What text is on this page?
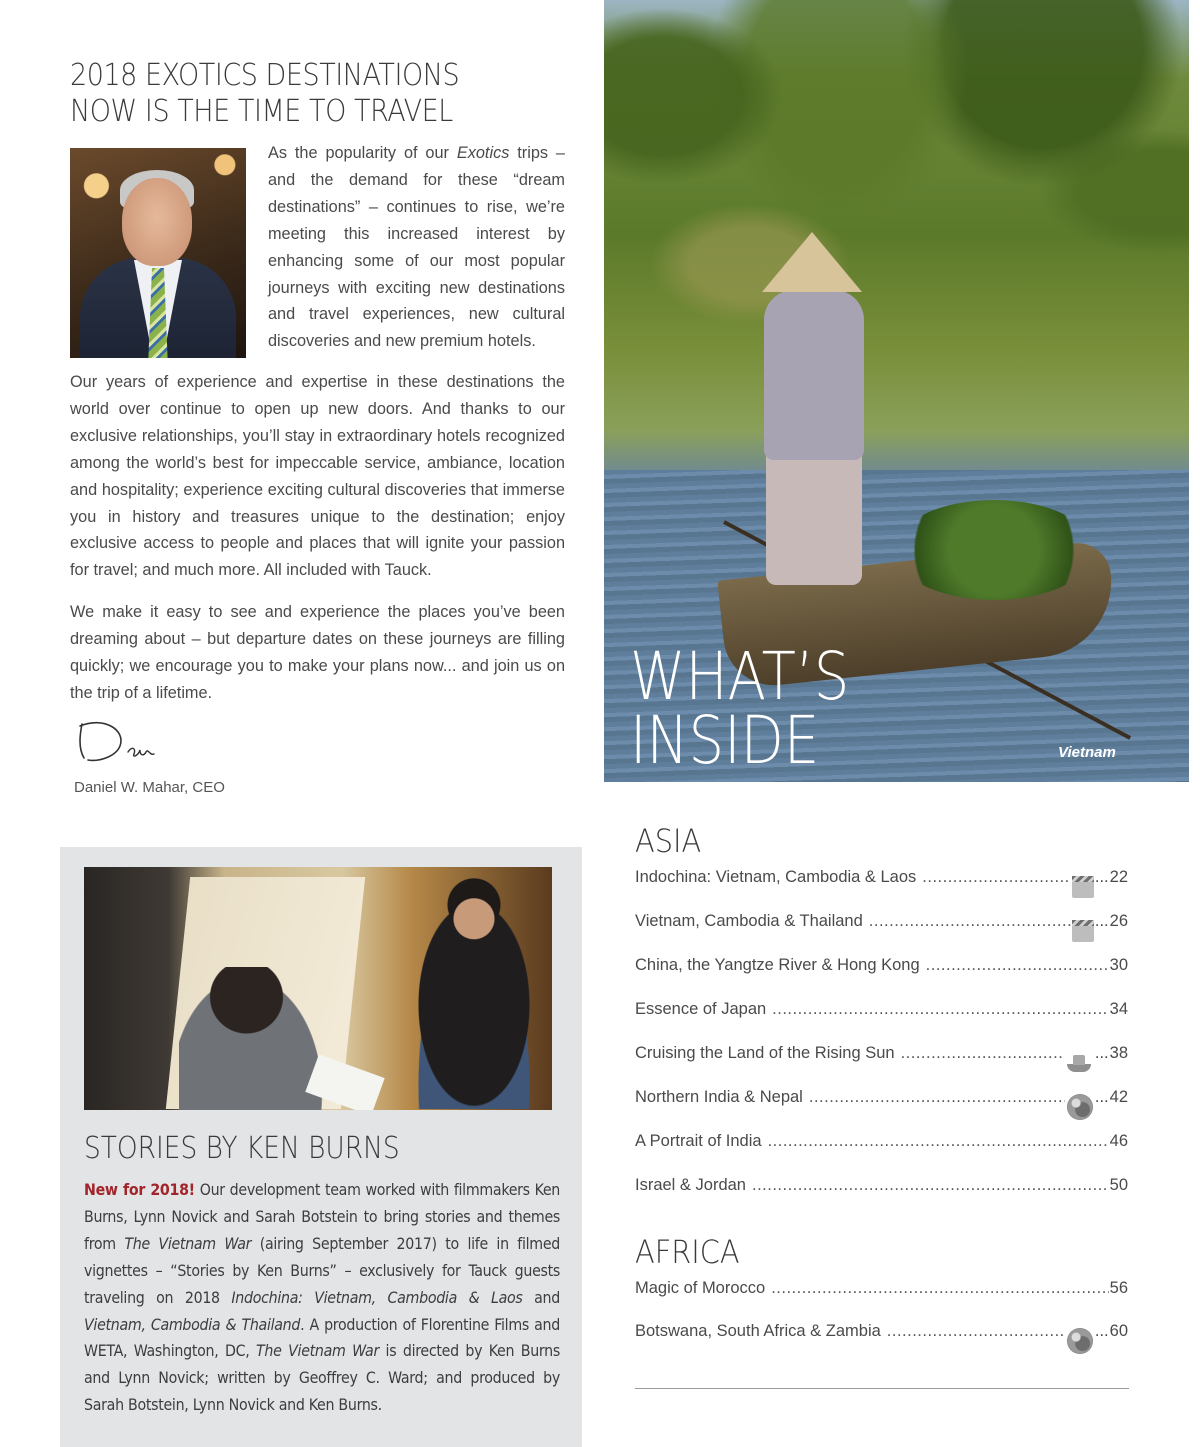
2018 EXOTICS DESTINATIONS
NOW IS THE TIME TO TRAVEL
As the popularity of our Exotics trips – and the demand for these “dream destinations” – continues to rise, we’re meeting this increased interest by enhancing some of our most popular journeys with exciting new destinations and travel experiences, new cultural discoveries and new premium hotels.
Our years of experience and expertise in these destinations the world over continue to open up new doors. And thanks to our exclusive relationships, you’ll stay in extraordinary hotels recognized among the world’s best for impeccable service, ambiance, location and hospitality; experience exciting cultural discoveries that immerse you in history and treasures unique to the destination; enjoy exclusive access to people and places that will ignite your passion for travel; and much more. All included with Tauck.
We make it easy to see and experience the places you’ve been dreaming about – but departure dates on these journeys are filling quickly; we encourage you to make your plans now... and join us on the trip of a lifetime.
Daniel W. Mahar, CEO
STORIES BY KEN BURNS
New for 2018! Our development team worked with filmmakers Ken Burns, Lynn Novick and Sarah Botstein to bring stories and themes from The Vietnam War (airing September 2017) to life in filmed vignettes – “Stories by Ken Burns” – exclusively for Tauck guests traveling on 2018 Indochina: Vietnam, Cambodia & Laos and Vietnam, Cambodia & Thailand. A production of Florentine Films and WETA, Washington, DC, The Vietnam War is directed by Ken Burns and Lynn Novick; written by Geoffrey C. Ward; and produced by Sarah Botstein, Lynn Novick and Ken Burns.
WHAT’S
INSIDE	Vietnam
ASIA
Indochina: Vietnam, Cambodia & Laos .....	... 22
Vietnam, Cambodia & Thailand .....	... 26
China, the Yangtze River & Hong Kong .....	30
Essence of Japan .....	34
Cruising the Land of the Rising Sun .....	... 38
Northern India & Nepal .....	... 42
A Portrait of India .....	46
Israel & Jordan .....	50
AFRICA
Magic of Morocco .....	56
Botswana, South Africa & Zambia .....	... 60
